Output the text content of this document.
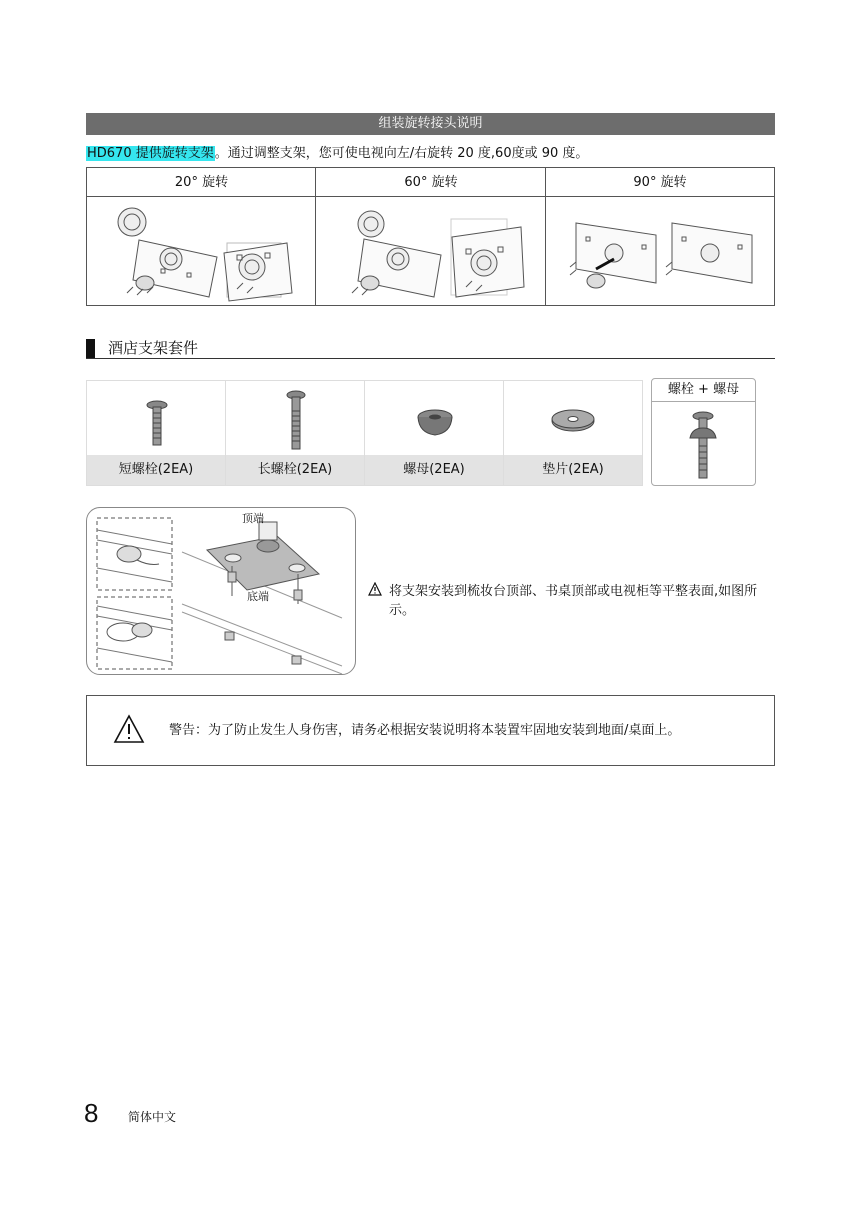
组装旋转接头说明
HD670 提供旋转支架。通过调整支架，您可使电视向左/右旋转 20 度,60度或 90 度。
20° 旋转	60° 旋转	90° 旋转
酒店支架套件
短螺栓(2EA)	长螺栓(2EA)	螺母(2EA)	垫片(2EA)
螺栓 + 螺母
顶端
底端	将支架安装到梳妆台顶部、书桌顶部或电视柜等平整表面,如图所示。
警告：为了防止发生人身伤害，请务必根据安装说明将本装置牢固地安装到地面/桌面上。
8 简体中文
